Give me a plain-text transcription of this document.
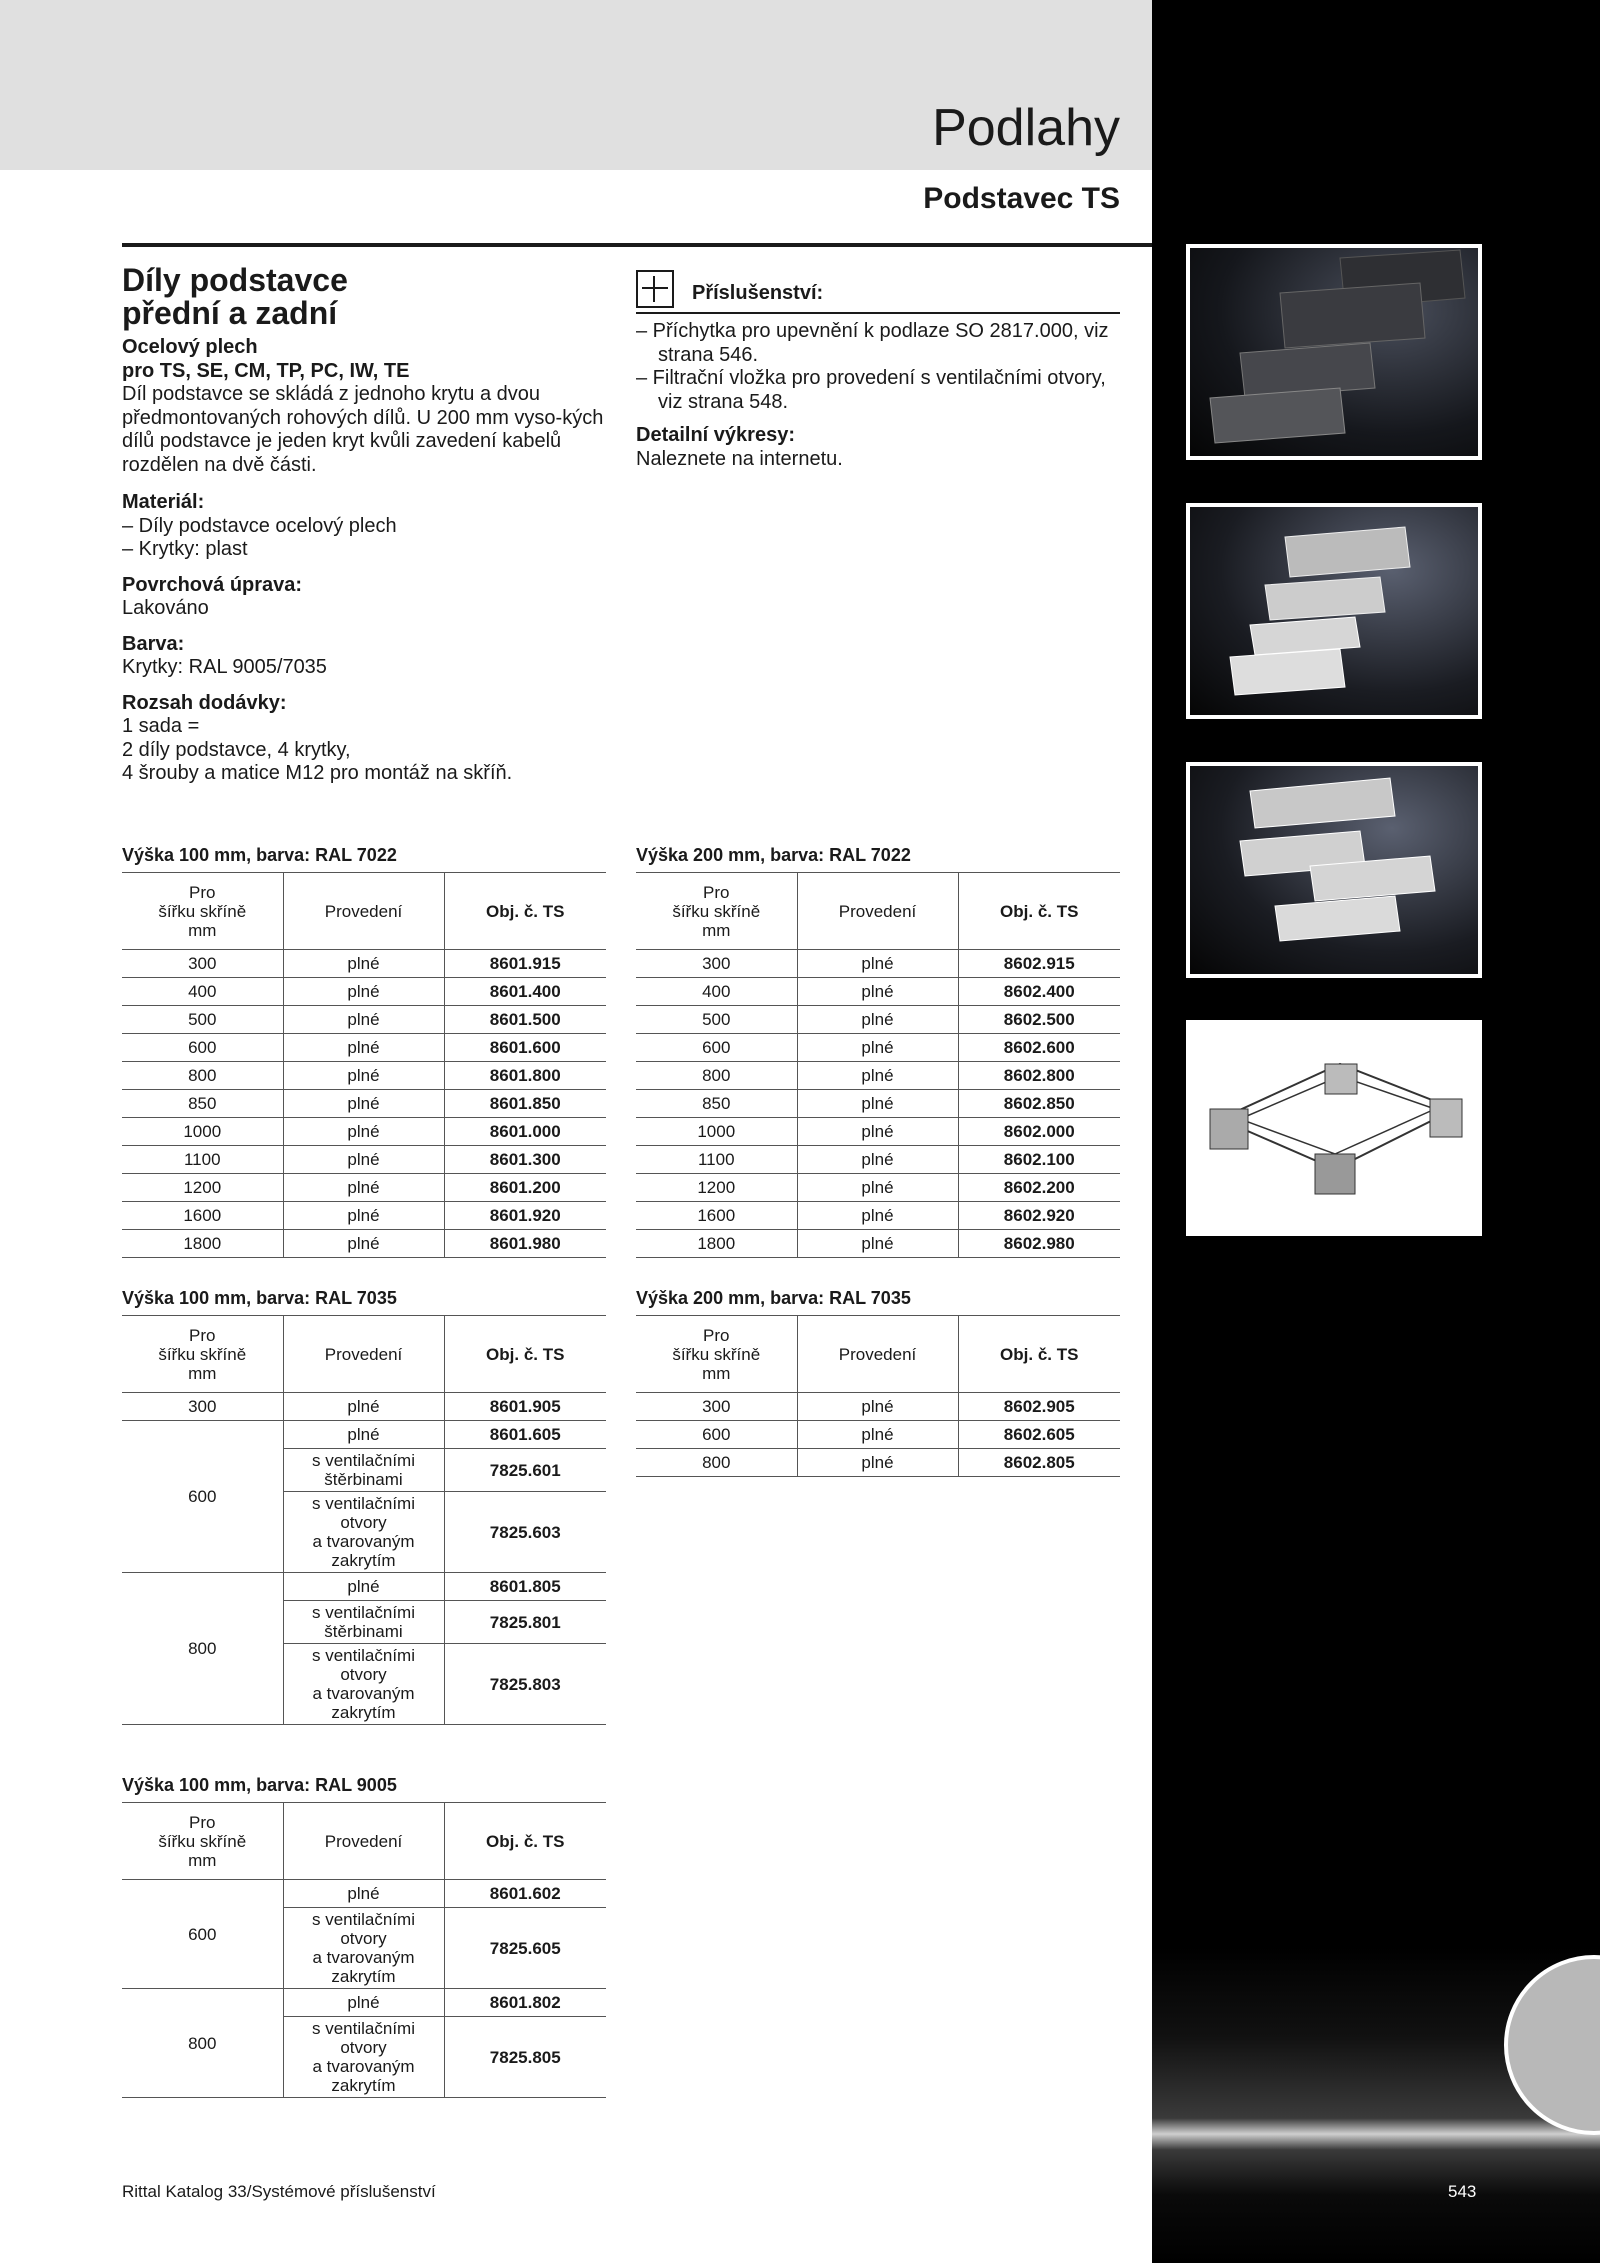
Podlahy
Podstavec TS
Díly podstavce
přední a zadní

Ocelový plech

pro TS, SE, CM, TP, PC, IW, TE

Díl podstavce se skládá z jednoho krytu a dvou předmontovaných rohových dílů. U 200 mm vyso-kých dílů podstavce je jeden kryt kvůli zavedení kabelů rozdělen na dvě části.

Materiál:

– Díly podstavce ocelový plech

– Krytky: plast

Povrchová úprava:

Lakováno

Barva:

Krytky: RAL 9005/7035

Rozsah dodávky:

1 sada =

2 díly podstavce, 4 krytky,

4 šrouby a matice M12 pro montáž na skříň.

Příslušenství:

– Příchytka pro upevnění k podlaze SO 2817.000, viz strana 546.

– Filtrační vložka pro provedení s ventilačními otvory, viz strana 548.

Detailní výkresy:

Naleznete na internetu.

Výška 100 mm, barva: RAL 7022
Pro
šířku skříně
mm	Provedení	Obj. č. TS
300	plné	8601.915
400	plné	8601.400
500	plné	8601.500
600	plné	8601.600
800	plné	8601.800
850	plné	8601.850
1000	plné	8601.000
1100	plné	8601.300
1200	plné	8601.200
1600	plné	8601.920
1800	plné	8601.980
Výška 200 mm, barva: RAL 7022
Pro
šířku skříně
mm	Provedení	Obj. č. TS
300	plné	8602.915
400	plné	8602.400
500	plné	8602.500
600	plné	8602.600
800	plné	8602.800
850	plné	8602.850
1000	plné	8602.000
1100	plné	8602.100
1200	plné	8602.200
1600	plné	8602.920
1800	plné	8602.980
Výška 100 mm, barva: RAL 7035
Pro
šířku skříně
mm	Provedení	Obj. č. TS
300	plné	8601.905
600	plné	8601.605
	s ventilačními
štěrbinami	7825.601
	s ventilačními
otvory
a tvarovaným
zakrytím	7825.603
800	plné	8601.805
	s ventilačními
štěrbinami	7825.801
	s ventilačními
otvory
a tvarovaným
zakrytím	7825.803
Výška 200 mm, barva: RAL 7035
Pro
šířku skříně
mm	Provedení	Obj. č. TS
300	plné	8602.905
600	plné	8602.605
800	plné	8602.805
Výška 100 mm, barva: RAL 9005
Pro
šířku skříně
mm	Provedení	Obj. č. TS
600	plné	8601.602
	s ventilačními
otvory
a tvarovaným
zakrytím	7825.605
800	plné	8601.802
	s ventilačními
otvory
a tvarovaným
zakrytím	7825.805
Rittal Katalog 33/Systémové příslušenství	543
